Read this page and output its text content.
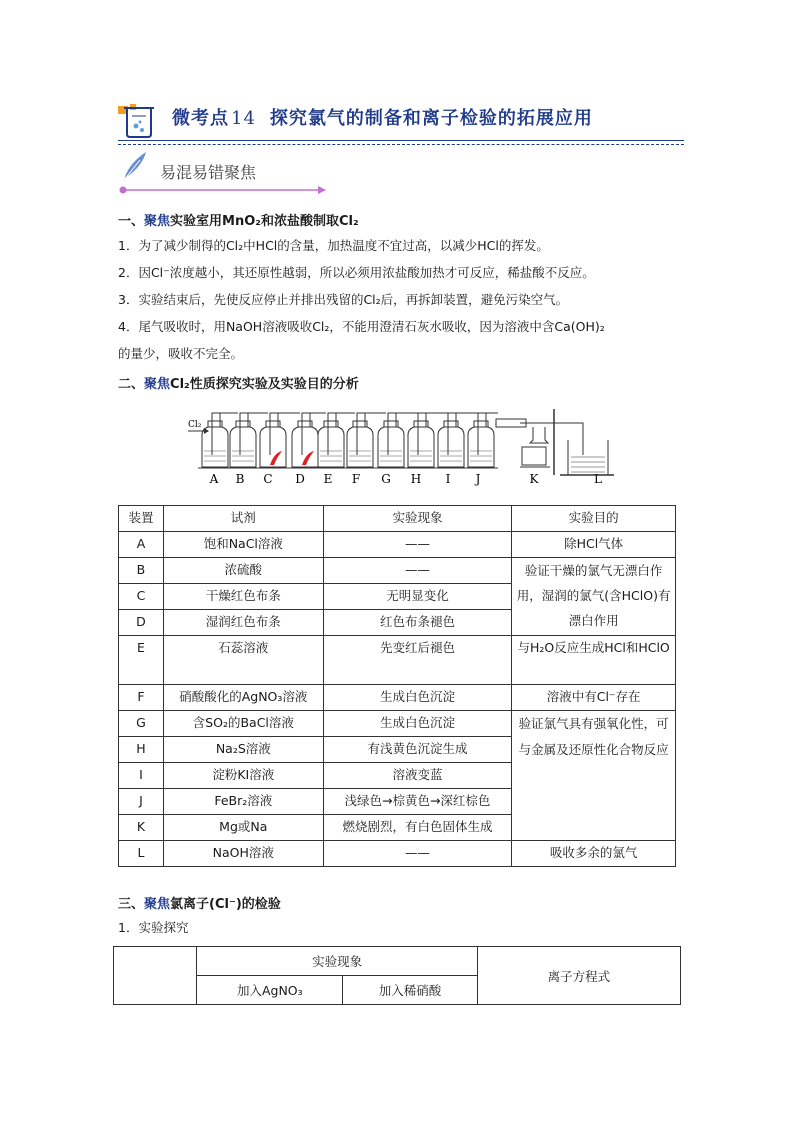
微考点 14 探究氯气的制备和离子检验的拓展应用
易混易错聚焦
一、聚焦实验室用MnO₂和浓盐酸制取Cl₂
1．为了减少制得的Cl₂中HCl的含量，加热温度不宜过高，以减少HCl的挥发。
2．因Cl⁻浓度越小，其还原性越弱，所以必须用浓盐酸加热才可反应，稀盐酸不反应。
3．实验结束后，先使反应停止并排出残留的Cl₂后，再拆卸装置，避免污染空气。
4．尾气吸收时，用NaOH溶液吸收Cl₂，不能用澄清石灰水吸收，因为溶液中含Ca(OH)₂
的量少，吸收不完全。
二、聚焦Cl₂性质探究实验及实验目的分析
Cl₂
A B C D E F G H I J	K	L
装置	试剂	实验现象	实验目的
A	饱和NaCl溶液	——	除HCl气体
B	浓硫酸	——	验证干燥的氯气无漂白作用，湿润的氯气(含HClO)有漂白作用
C	干燥红色布条	无明显变化	
D	湿润红色布条	红色布条褪色	
E	石蕊溶液	先变红后褪色	与H₂O反应生成HCl和HClO
F	硝酸酸化的AgNO₃溶液	生成白色沉淀	溶液中有Cl⁻存在
G	含SO₂的BaCl溶液	生成白色沉淀	验证氯气具有强氧化性，可与金属及还原性化合物反应
H	Na₂S溶液	有浅黄色沉淀生成	
I	淀粉KI溶液	溶液变蓝	
J	FeBr₂溶液	浅绿色→棕黄色→深红棕色	
K	Mg或Na	燃烧剧烈，有白色固体生成	
L	NaOH溶液	——	吸收多余的氯气
三、聚焦氯离子(Cl⁻)的检验
1．实验探究
	实验现象		离子方程式
	加入AgNO₃	加入稀硝酸	
